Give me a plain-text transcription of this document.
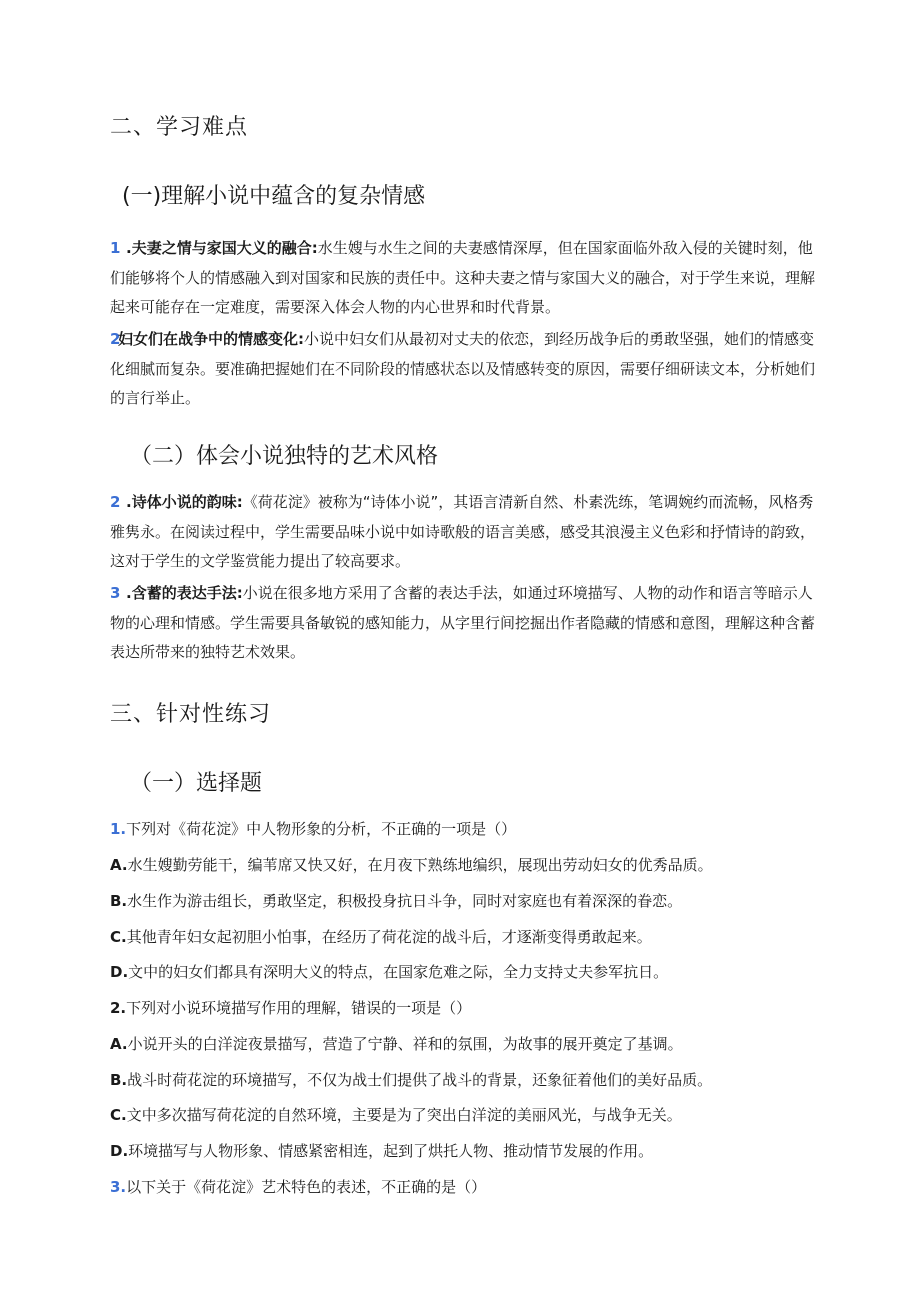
二、学习难点
(一)理解小说中蕴含的复杂情感
1 .夫妻之情与家国大义的融合:水生嫂与水生之间的夫妻感情深厚，但在国家面临外敌入侵的关键时刻，他们能够将个人的情感融入到对国家和民族的责任中。这种夫妻之情与家国大义的融合，对于学生来说，理解起来可能存在一定难度，需要深入体会人物的内心世界和时代背景。
2妇女们在战争中的情感变化:小说中妇女们从最初对丈夫的依恋，到经历战争后的勇敢坚强，她们的情感变化细腻而复杂。要准确把握她们在不同阶段的情感状态以及情感转变的原因，需要仔细研读文本，分析她们的言行举止。
（二）体会小说独特的艺术风格
2 .诗体小说的韵味:《荷花淀》被称为“诗体小说”，其语言清新自然、朴素洗练，笔调婉约而流畅，风格秀雅隽永。在阅读过程中，学生需要品味小说中如诗歌般的语言美感，感受其浪漫主义色彩和抒情诗的韵致，这对于学生的文学鉴赏能力提出了较高要求。
3 .含蓄的表达手法:小说在很多地方采用了含蓄的表达手法，如通过环境描写、人物的动作和语言等暗示人物的心理和情感。学生需要具备敏锐的感知能力，从字里行间挖掘出作者隐藏的情感和意图，理解这种含蓄表达所带来的独特艺术效果。
三、针对性练习
（一）选择题
1.下列对《荷花淀》中人物形象的分析，不正确的一项是（）
A.水生嫂勤劳能干，编苇席又快又好，在月夜下熟练地编织，展现出劳动妇女的优秀品质。
B.水生作为游击组长，勇敢坚定，积极投身抗日斗争，同时对家庭也有着深深的眷恋。
C.其他青年妇女起初胆小怕事，在经历了荷花淀的战斗后，才逐渐变得勇敢起来。
D.文中的妇女们都具有深明大义的特点，在国家危难之际，全力支持丈夫参军抗日。
2.下列对小说环境描写作用的理解，错误的一项是（）
A.小说开头的白洋淀夜景描写，营造了宁静、祥和的氛围，为故事的展开奠定了基调。
B.战斗时荷花淀的环境描写，不仅为战士们提供了战斗的背景，还象征着他们的美好品质。
C.文中多次描写荷花淀的自然环境，主要是为了突出白洋淀的美丽风光，与战争无关。
D.环境描写与人物形象、情感紧密相连，起到了烘托人物、推动情节发展的作用。
3.以下关于《荷花淀》艺术特色的表述，不正确的是（）
